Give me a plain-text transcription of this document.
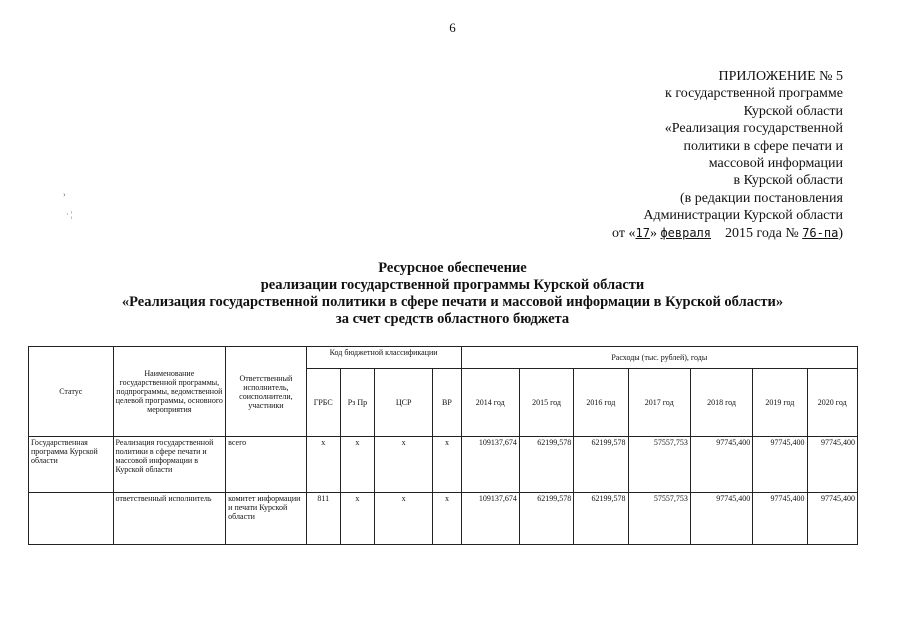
6
ПРИЛОЖЕНИЕ № 5
к государственной программе
Курской области
«Реализация государственной
политики в сфере печати и
массовой информации
в Курской области
(в редакции постановления
Администрации Курской области
от «17» февраля 2015 года № 76-па)
›
· ¦
Ресурсное обеспечение
реализации государственной программы Курской области
«Реализация государственной политики в сфере печати и массовой информации в Курской области»
за счет средств областного бюджета
Статус	Наименование государственной программы, подпрограммы, ведомственной целевой программы, основного мероприятия	Ответственный исполнитель, соисполнители, участники	Код бюджетной классификации				Расходы (тыс. рублей), годы						
			ГРБС	Рз Пр	ЦСР	ВР	2014 год	2015 год	2016 год	2017 год	2018 год	2019 год	2020 год
Государственная программа Курской области	Реализация государственной политики в сфере печати и массовой информации в Курской области	всего	х	х	х	х	109137,674	62199,578	62199,578	57557,753	97745,400	97745,400	97745,400
	ответственный исполнитель	комитет информации и печати Курской области	811	х	х	х	109137,674	62199,578	62199,578	57557,753	97745,400	97745,400	97745,400
